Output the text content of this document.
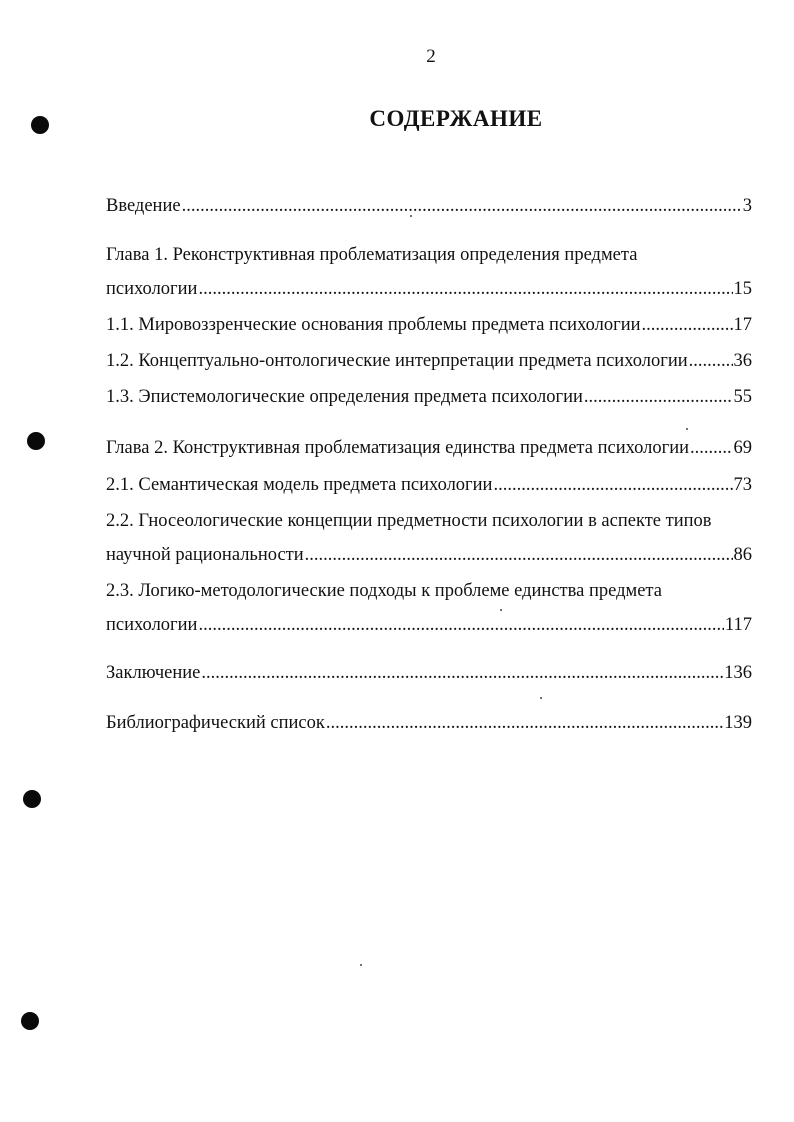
2
СОДЕРЖАНИЕ
Введение .....	3
Глава 1. Реконструктивная проблематизация определения предмета
психологии .....	15
1.1. Мировоззренческие основания проблемы предмета психологии .....	17
1.2. Концептуально-онтологические интерпретации предмета психологии ..... 36
1.3. Эпистемологические определения предмета психологии .....	55
Глава 2. Конструктивная проблематизация единства предмета психологии ..... 69
2.1. Семантическая модель предмета психологии .....	73
2.2. Гносеологические концепции предметности психологии в аспекте типов
научной рациональности .....	86
2.3. Логико-методологические подходы к проблеме единства предмета
психологии .....	117
Заключение .....	136
Библиографический список .....	139
